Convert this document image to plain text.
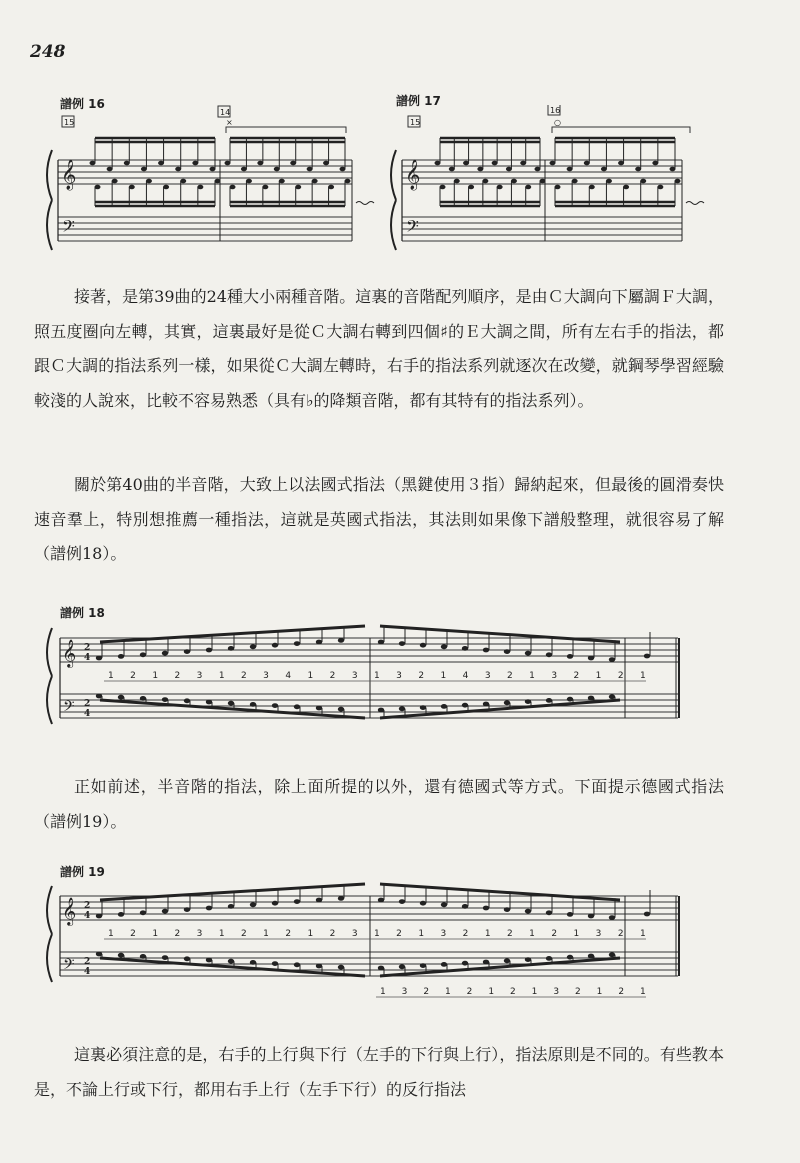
248
譜例 16	譜例 17
15
14
×	15
16
○
𝄞
𝄢
𝄞
𝄢

接著，是第39曲的24種大小兩種音階。這裏的音階配列順序，是由Ｃ大調向下屬調Ｆ大調，照五度圈向左轉，其實，這裏最好是從Ｃ大調右轉到四個♯的Ｅ大調之間，所有左右手的指法，都跟Ｃ大調的指法系列一樣，如果從Ｃ大調左轉時，右手的指法系列就逐次在改變，就鋼琴學習經驗較淺的人說來，比較不容易熟悉（具有♭的降類音階，都有其特有的指法系列）。

關於第40曲的半音階，大致上以法國式指法（黑鍵使用３指）歸納起來，但最後的圓滑奏快速音羣上，特別想推薦一種指法，這就是英國式指法，其法則如果像下譜般整理，就很容易了解（譜例18）。

譜例 18
𝄞
𝄢
2
4
2
4
1 2 1 2 3 1 2 3 4 1 2 3 1 3 2 1 4 3 2 1 3 2 1 2 1

正如前述，半音階的指法，除上面所提的以外，還有德國式等方式。下面提示德國式指法（譜例19）。

譜例 19
𝄞
𝄢
2
4
2
4
1 2 1 2 3 1 2 1 2 1 2 3 1 2 1 3 2 1 2 1 2 1 3 2 1
1 3 2 1 2 1 2 1 3 2 1 2 1

這裏必須注意的是，右手的上行與下行（左手的下行與上行），指法原則是不同的。有些教本是，不論上行或下行，都用右手上行（左手下行）的反行指法
